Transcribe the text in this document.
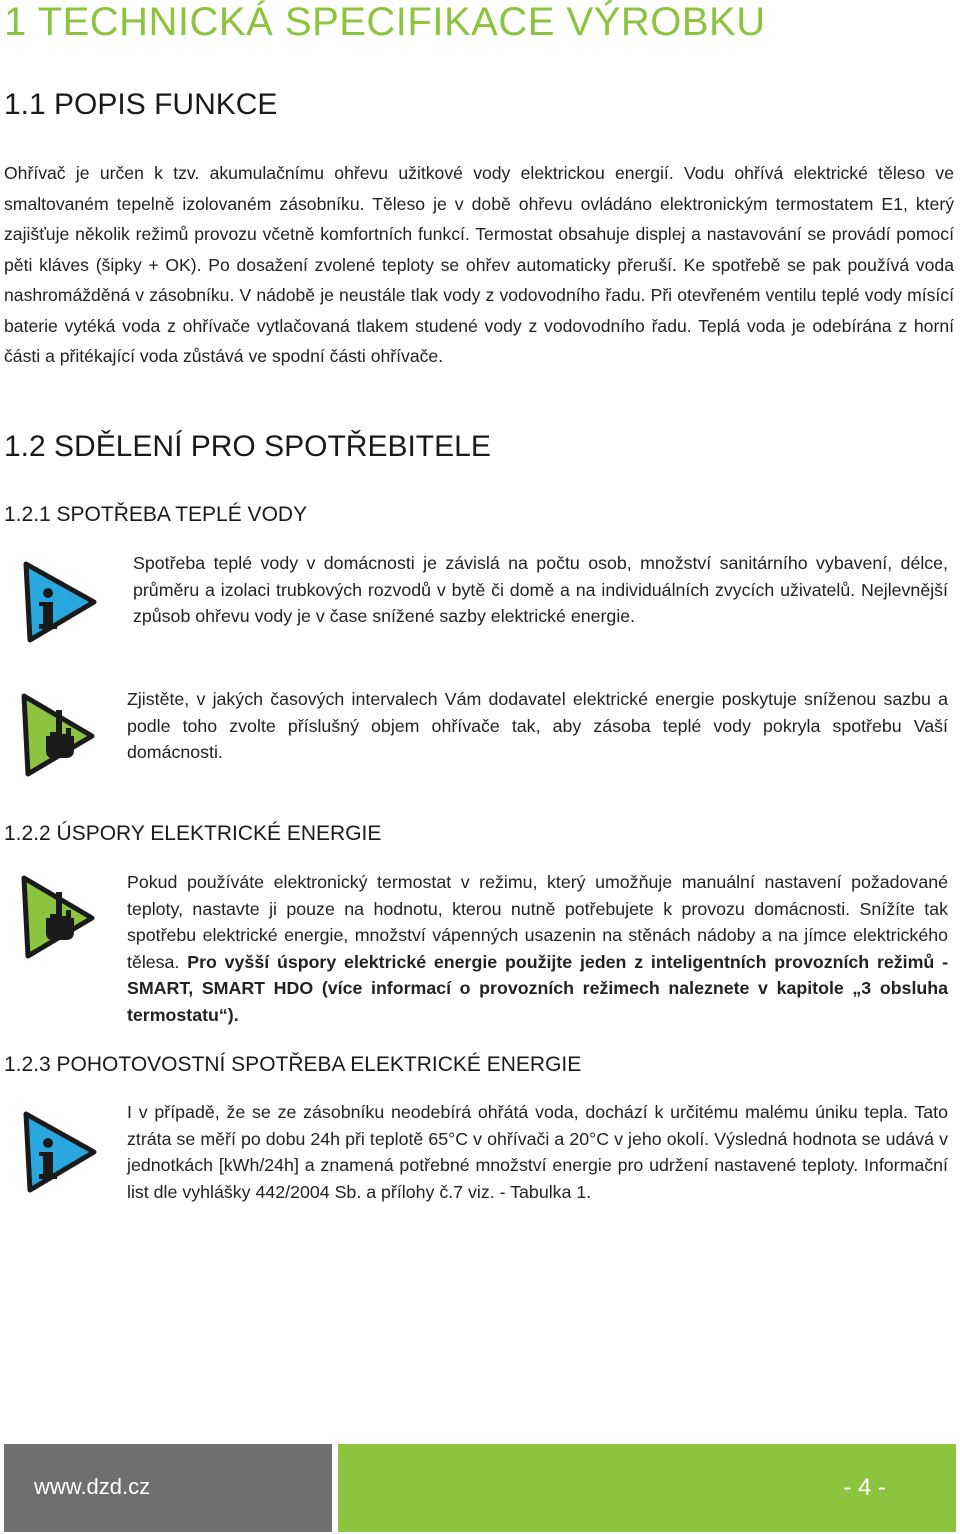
1 TECHNICKÁ SPECIFIKACE VÝROBKU
1.1 POPIS FUNKCE

Ohřívač je určen k tzv. akumulačnímu ohřevu užitkové vody elektrickou energií. Vodu ohřívá elektrické těleso ve smaltovaném tepelně izolovaném zásobníku. Těleso je v době ohřevu ovládáno elektronickým termostatem E1, který zajišťuje několik režimů provozu včetně komfortních funkcí. Termostat obsahuje displej a nastavování se provádí pomocí pěti kláves (šipky + OK). Po dosažení zvolené teploty se ohřev automaticky přeruší. Ke spotřebě se pak používá voda nashromážděná v zásobníku. V nádobě je neustále tlak vody z vodovodního řadu. Při otevřeném ventilu teplé vody mísící baterie vytéká voda z ohřívače vytlačovaná tlakem studené vody z vodovodního řadu. Teplá voda je odebírána z horní části a přitékající voda zůstává ve spodní části ohřívače.

1.2 SDĚLENÍ PRO SPOTŘEBITELE
1.2.1 SPOTŘEBA TEPLÉ VODY

Spotřeba teplé vody v domácnosti je závislá na počtu osob, množství sanitárního vybavení, délce, průměru a izolaci trubkových rozvodů v bytě či domě a na individuálních zvycích uživatelů. Nejlevnější způsob ohřevu vody je v čase snížené sazby elektrické energie.

Zjistěte, v jakých časových intervalech Vám dodavatel elektrické energie poskytuje sníženou sazbu a podle toho zvolte příslušný objem ohřívače tak, aby zásoba teplé vody pokryla spotřebu Vaší domácnosti.

1.2.2 ÚSPORY ELEKTRICKÉ ENERGIE

Pokud používáte elektronický termostat v režimu, který umožňuje manuální nastavení požadované teploty, nastavte ji pouze na hodnotu, kterou nutně potřebujete k provozu domácnosti. Snížíte tak spotřebu elektrické energie, množství vápenných usazenin na stěnách nádoby a na jímce elektrického tělesa. Pro vyšší úspory elektrické energie použijte jeden z inteligentních provozních režimů - SMART, SMART HDO (více informací o provozních režimech naleznete v kapitole „3 obsluha termostatu“).

1.2.3 POHOTOVOSTNÍ SPOTŘEBA ELEKTRICKÉ ENERGIE

I v případě, že se ze zásobníku neodebírá ohřátá voda, dochází k určitému malému úniku tepla. Tato ztráta se měří po dobu 24h při teplotě 65°C v ohřívači a 20°C v jeho okolí. Výsledná hodnota se udává v jednotkách [kWh/24h] a znamená potřebné množství energie pro udržení nastavené teploty. Informační list dle vyhlášky 442/2004 Sb. a přílohy č.7 viz. - Tabulka 1.

www.dzd.cz	- 4 -
